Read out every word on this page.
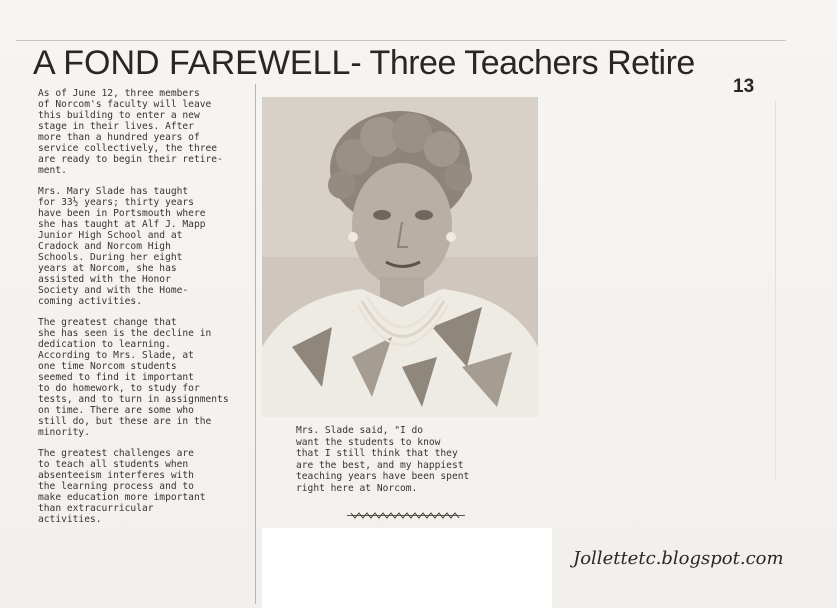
A FOND FAREWELL- Three Teachers Retire
13

As of June 12, three members
of Norcom's faculty will leave
this building to enter a new
stage in their lives. After
more than a hundred years of
service collectively, the three
are ready to begin their retire-
ment.

Mrs. Mary Slade has taught
for 33½ years; thirty years
have been in Portsmouth where
she has taught at Alf J. Mapp
Junior High School and at
Cradock and Norcom High
Schools. During her eight
years at Norcom, she has
assisted with the Honor
Society and with the Home-
coming activities.

The greatest change that
she has seen is the decline in
dedication to learning.
According to Mrs. Slade, at
one time Norcom students
seemed to find it important
to do homework, to study for
tests, and to turn in assignments
on time. There are some who
still do, but these are in the
minority.

The greatest challenges are
to teach all students when
absenteeism interferes with
the learning process and to
make education more important
than extracurricular
activities.

Mrs. Slade said, "I do
want the students to know
that I still think that they
are the best, and my happiest
teaching years have been spent
right here at Norcom.
Jollettetc.blogspot.com
